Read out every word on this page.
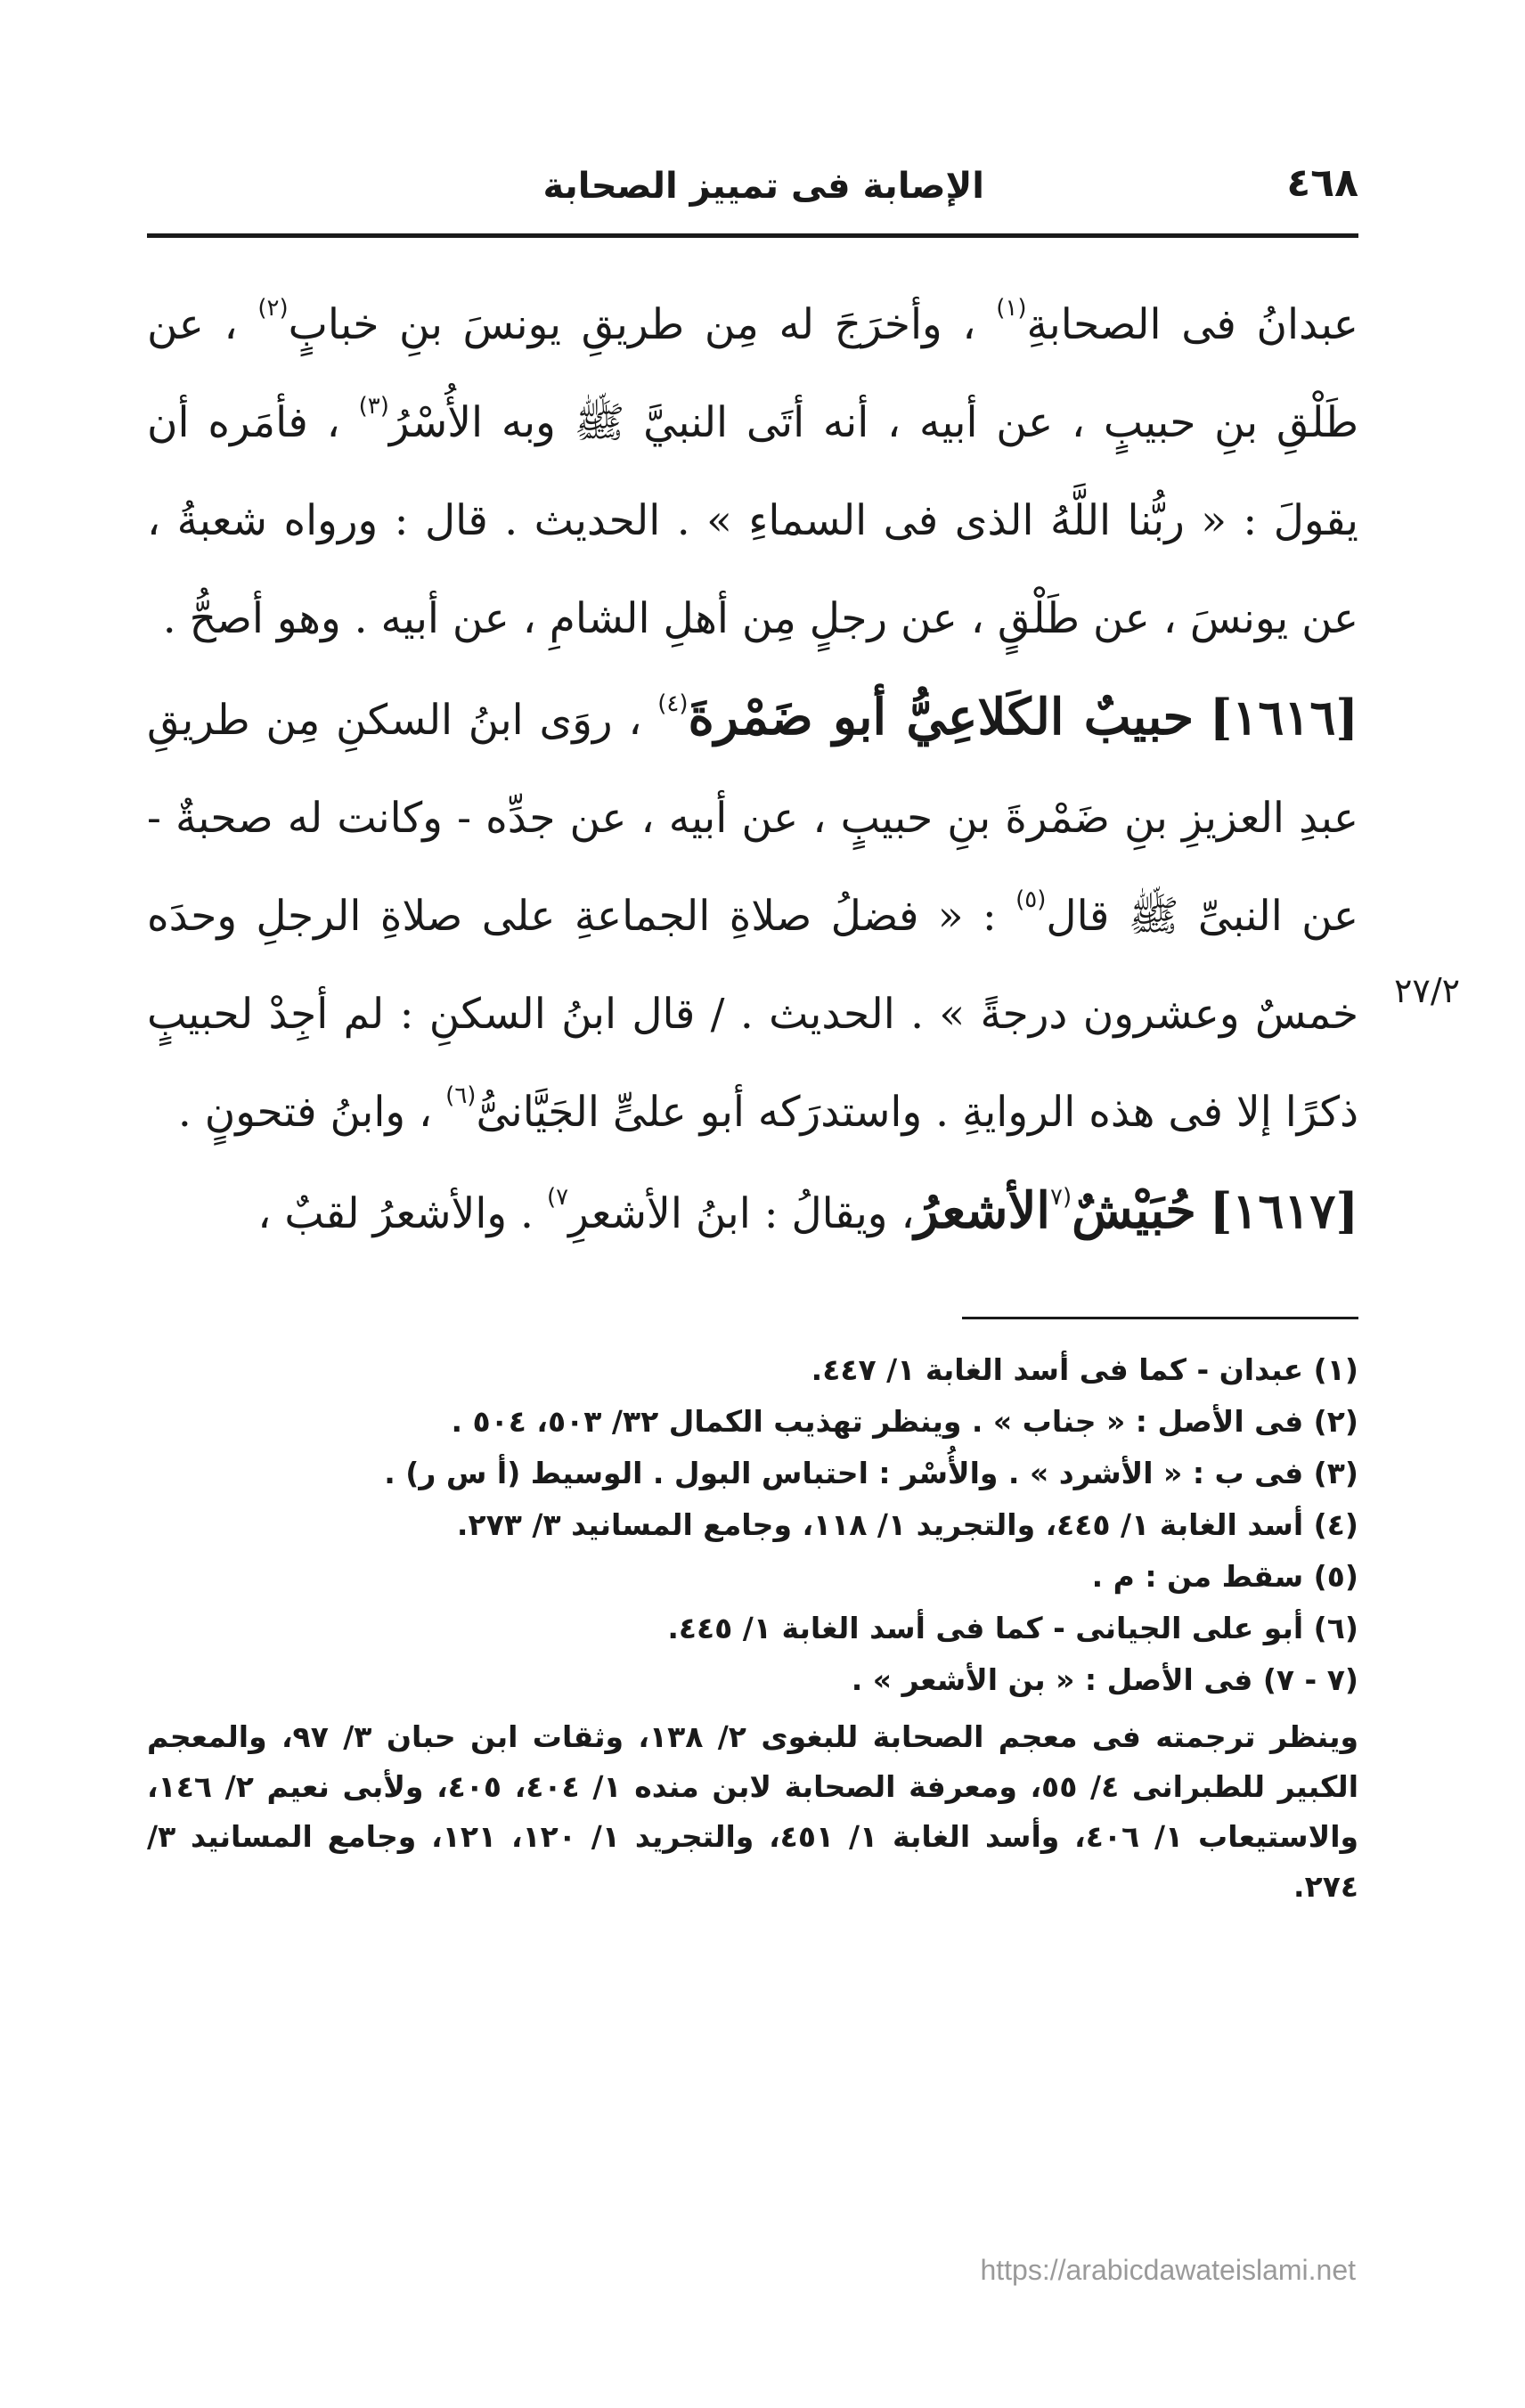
٤٦٨
الإصابة فى تمييز الصحابة

عبدانُ فى الصحابةِ$^{(١)}$ ، وأخرَجَ له مِن طريقِ يونسَ بنِ خبابٍ$^{(٢)}$ ، عن طَلْقِ بنِ حبيبٍ ، عن أبيه ، أنه أتَى النبيَّ ﷺ وبه الأُسْرُ$^{(٣)}$ ، فأمَره أن يقولَ : « ربُّنا اللَّهُ الذى فى السماءِ » . الحديث . قال : ورواه شعبةُ ، عن يونسَ ، عن طَلْقٍ ، عن رجلٍ مِن أهلِ الشامِ ، عن أبيه . وهو أصحُّ .

[١٦١٦] حبيبٌ الكَلاعِيُّ أبو ضَمْرةَ$^{(٤)}$ ، روَى ابنُ السكنِ مِن طريقِ عبدِ العزيزِ بنِ ضَمْرةَ بنِ حبيبٍ ، عن أبيه ، عن جدِّه - وكانت له صحبةٌ - عن النبىِّ ﷺ قال$^{(٥)}$ : « فضلُ صلاةِ الجماعةِ على صلاةِ الرجلِ وحدَه خمسٌ وعشرون درجةً » . الحديث . / قال ابنُ السكنِ : لم أجِدْ لحبيبٍ ذكرًا إلا فى هذه الروايةِ . واستدرَكه أبو علىٍّ الجَيَّانىُّ$^{(٦)}$ ، وابنُ فتحونٍ .

[١٦١٧] حُبَيْشٌ$^{(٧}$الأشعرُ، ويقالُ : ابنُ الأشعرِ$^{٧)}$ . والأشعرُ لقبٌ ،

٢٧/٢

(١) عبدان - كما فى أسد الغابة ١/ ٤٤٧.

(٢) فى الأصل : « جناب » . وينظر تهذيب الكمال ٣٢/ ٥٠٣، ٥٠٤ .

(٣) فى ب : « الأشرد » . والأُسْر : احتباس البول . الوسيط (أ س ر) .

(٤) أسد الغابة ١/ ٤٤٥، والتجريد ١/ ١١٨، وجامع المسانيد ٣/ ٢٧٣.

(٥) سقط من : م .

(٦) أبو على الجيانى - كما فى أسد الغابة ١/ ٤٤٥.

(٧ - ٧) فى الأصل : « بن الأشعر » .

وينظر ترجمته فى معجم الصحابة للبغوى ٢/ ١٣٨، وثقات ابن حبان ٣/ ٩٧، والمعجم الكبير للطبرانى ٤/ ٥٥، ومعرفة الصحابة لابن منده ١/ ٤٠٤، ٤٠٥، ولأبى نعيم ٢/ ١٤٦، والاستيعاب ١/ ٤٠٦، وأسد الغابة ١/ ٤٥١، والتجريد ١/ ١٢٠، ١٢١، وجامع المسانيد ٣/ ٢٧٤.

https://arabicdawateislami.net
